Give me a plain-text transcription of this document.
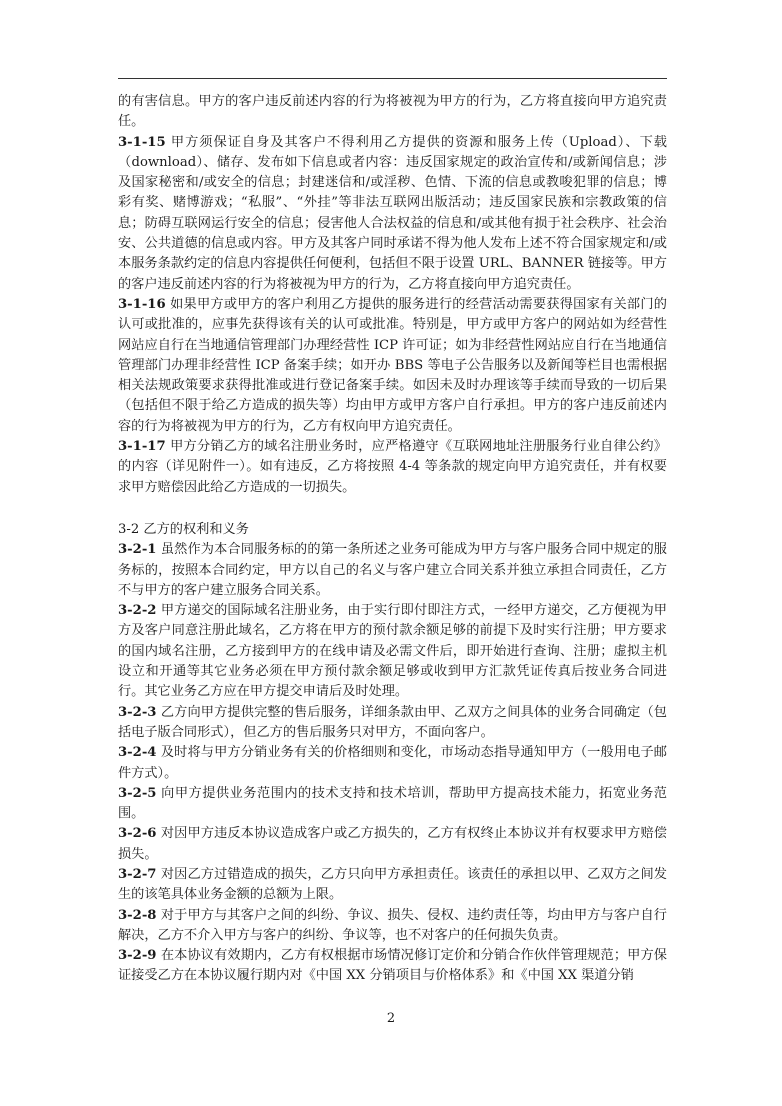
的有害信息。甲方的客户违反前述内容的行为将被视为甲方的行为，乙方将直接向甲方追究责任。

3-1-15 甲方须保证自身及其客户不得利用乙方提供的资源和服务上传（Upload）、下载（download）、储存、发布如下信息或者内容：违反国家规定的政治宣传和/或新闻信息；涉及国家秘密和/或安全的信息；封建迷信和/或淫秽、色情、下流的信息或教唆犯罪的信息；博彩有奖、赌博游戏；“私服”、“外挂”等非法互联网出版活动；违反国家民族和宗教政策的信息；防碍互联网运行安全的信息；侵害他人合法权益的信息和/或其他有损于社会秩序、社会治安、公共道德的信息或内容。甲方及其客户同时承诺不得为他人发布上述不符合国家规定和/或本服务条款约定的信息内容提供任何便利，包括但不限于设置 URL、BANNER 链接等。甲方的客户违反前述内容的行为将被视为甲方的行为，乙方将直接向甲方追究责任。

3-1-16 如果甲方或甲方的客户利用乙方提供的服务进行的经营活动需要获得国家有关部门的认可或批准的，应事先获得该有关的认可或批准。特别是，甲方或甲方客户的网站如为经营性网站应自行在当地通信管理部门办理经营性 ICP 许可证；如为非经营性网站应自行在当地通信管理部门办理非经营性 ICP 备案手续；如开办 BBS 等电子公告服务以及新闻等栏目也需根据相关法规政策要求获得批准或进行登记备案手续。如因未及时办理该等手续而导致的一切后果（包括但不限于给乙方造成的损失等）均由甲方或甲方客户自行承担。甲方的客户违反前述内容的行为将被视为甲方的行为，乙方有权向甲方追究责任。

3-1-17 甲方分销乙方的域名注册业务时，应严格遵守《互联网地址注册服务行业自律公约》的内容（详见附件一）。如有违反，乙方将按照 4-4 等条款的规定向甲方追究责任，并有权要求甲方赔偿因此给乙方造成的一切损失。

3-2 乙方的权利和义务

3-2-1 虽然作为本合同服务标的的第一条所述之业务可能成为甲方与客户服务合同中规定的服务标的，按照本合同约定，甲方以自己的名义与客户建立合同关系并独立承担合同责任，乙方不与甲方的客户建立服务合同关系。

3-2-2 甲方递交的国际域名注册业务，由于实行即付即注方式，一经甲方递交，乙方便视为甲方及客户同意注册此域名，乙方将在甲方的预付款余额足够的前提下及时实行注册；甲方要求的国内域名注册，乙方接到甲方的在线申请及必需文件后，即开始进行查询、注册；虚拟主机设立和开通等其它业务必须在甲方预付款余额足够或收到甲方汇款凭证传真后按业务合同进行。其它业务乙方应在甲方提交申请后及时处理。

3-2-3 乙方向甲方提供完整的售后服务，详细条款由甲、乙双方之间具体的业务合同确定（包括电子版合同形式），但乙方的售后服务只对甲方，不面向客户。

3-2-4 及时将与甲方分销业务有关的价格细则和变化，市场动态指导通知甲方（一般用电子邮件方式）。

3-2-5 向甲方提供业务范围内的技术支持和技术培训，帮助甲方提高技术能力，拓宽业务范围。

3-2-6 对因甲方违反本协议造成客户或乙方损失的，乙方有权终止本协议并有权要求甲方赔偿损失。

3-2-7 对因乙方过错造成的损失，乙方只向甲方承担责任。该责任的承担以甲、乙双方之间发生的该笔具体业务金额的总额为上限。

3-2-8 对于甲方与其客户之间的纠纷、争议、损失、侵权、违约责任等，均由甲方与客户自行解决，乙方不介入甲方与客户的纠纷、争议等，也不对客户的任何损失负责。

3-2-9 在本协议有效期内，乙方有权根据市场情况修订定价和分销合作伙伴管理规范；甲方保证接受乙方在本协议履行期内对《中国 XX 分销项目与价格体系》和《中国 XX 渠道分销

2
